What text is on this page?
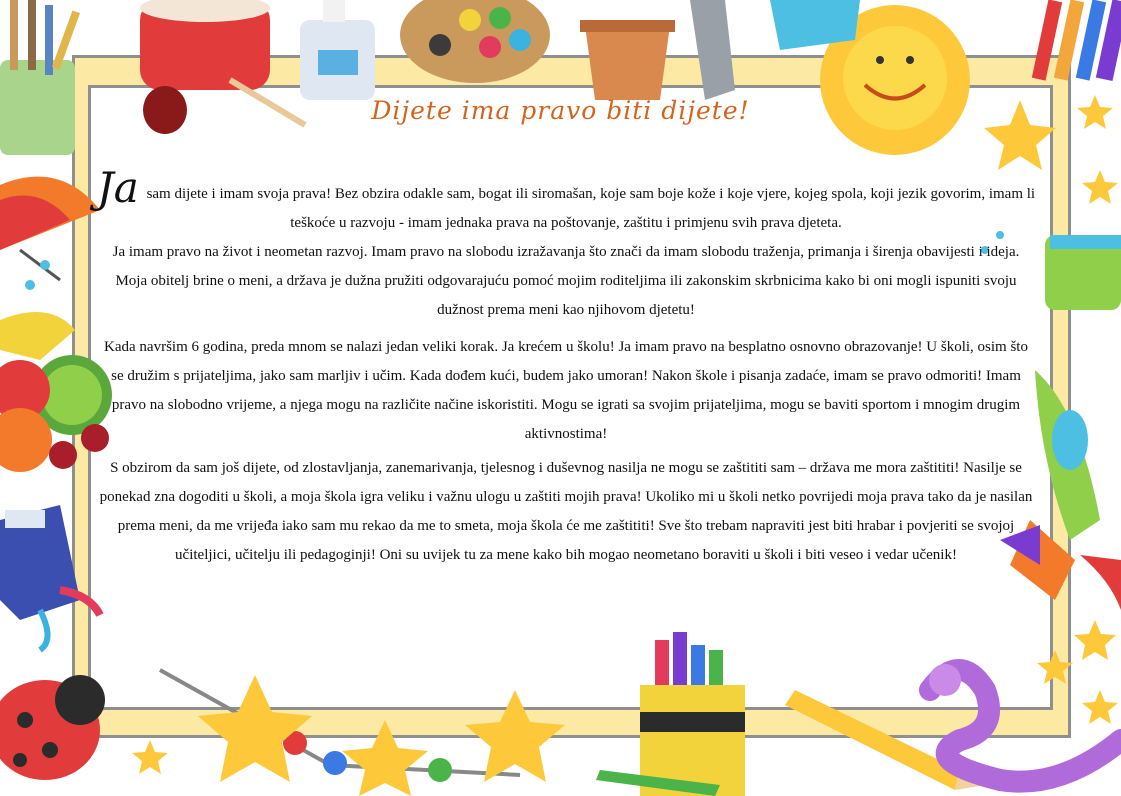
Dijete ima pravo biti dijete!

Ja sam dijete i imam svoja prava! Bez obzira odakle sam, bogat ili siromašan, koje sam boje kože i koje vjere, kojeg spola, koji jezik govorim, imam li teškoće u razvoju - imam jednaka prava na poštovanje, zaštitu i primjenu svih prava djeteta.

Ja imam pravo na život i neometan razvoj. Imam pravo na slobodu izražavanja što znači da imam slobodu traženja, primanja i širenja obavijesti i ideja. Moja obitelj brine o meni, a država je dužna pružiti odgovarajuću pomoć mojim roditeljima ili zakonskim skrbnicima kako bi oni mogli ispuniti svoju dužnost prema meni kao njihovom djetetu!

Kada navršim 6 godina, preda mnom se nalazi jedan veliki korak. Ja krećem u školu! Ja imam pravo na besplatno osnovno obrazovanje! U školi, osim što se družim s prijateljima, jako sam marljiv i učim. Kada dođem kući, budem jako umoran! Nakon škole i pisanja zadaće, imam se pravo odmoriti! Imam pravo na slobodno vrijeme, a njega mogu na različite načine iskoristiti. Mogu se igrati sa svojim prijateljima, mogu se baviti sportom i mnogim drugim aktivnostima!

S obzirom da sam još dijete, od zlostavljanja, zanemarivanja, tjelesnog i duševnog nasilja ne mogu se zaštititi sam – država me mora zaštititi! Nasilje se ponekad zna dogoditi u školi, a moja škola igra veliku i važnu ulogu u zaštiti mojih prava! Ukoliko mi u školi netko povrijedi moja prava tako da je nasilan prema meni, da me vrijeđa iako sam mu rekao da me to smeta, moja škola će me zaštititi! Sve što trebam napraviti jest biti hrabar i povjeriti se svojoj učiteljici, učitelju ili pedagoginji! Oni su uvijek tu za mene kako bih mogao neometano boraviti u školi i biti veseo i vedar učenik!
